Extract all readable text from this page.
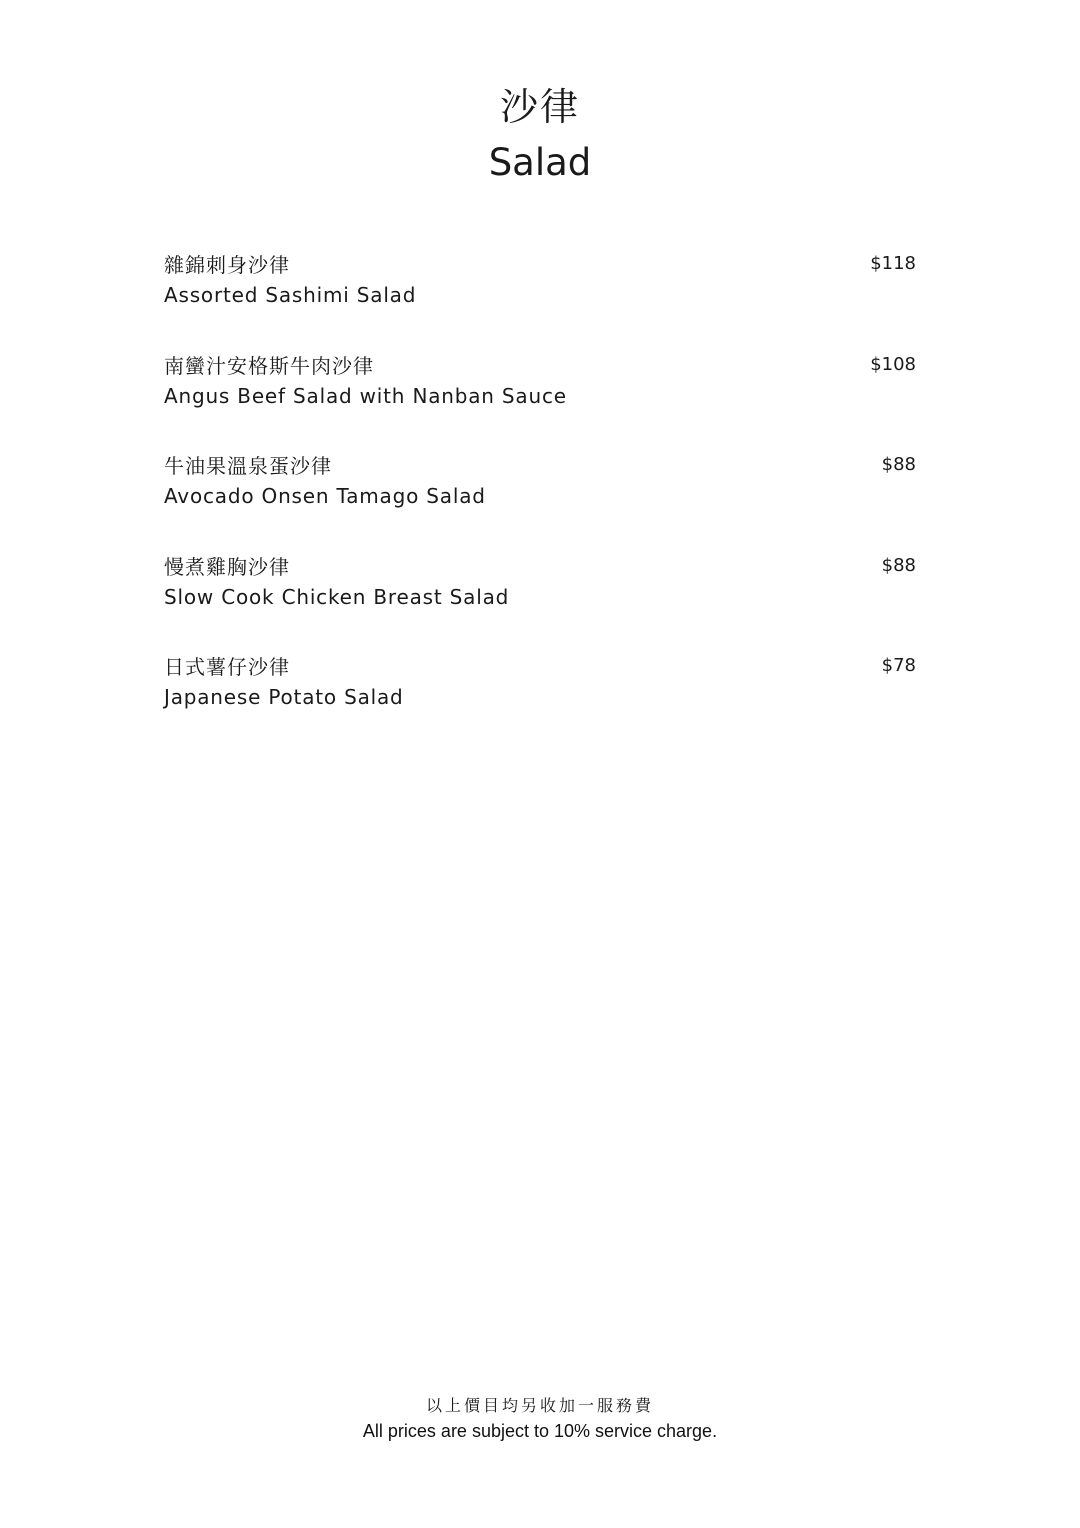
沙律
Salad
雜錦刺身沙律
Assorted Sashimi Salad
$118
南蠻汁安格斯牛肉沙律
Angus Beef Salad with Nanban Sauce
$108
牛油果溫泉蛋沙律
Avocado Onsen Tamago Salad
$88
慢煮雞胸沙律
Slow Cook Chicken Breast Salad
$88
日式薯仔沙律
Japanese Potato Salad
$78
以上價目均另收加一服務費
All prices are subject to 10% service charge.
